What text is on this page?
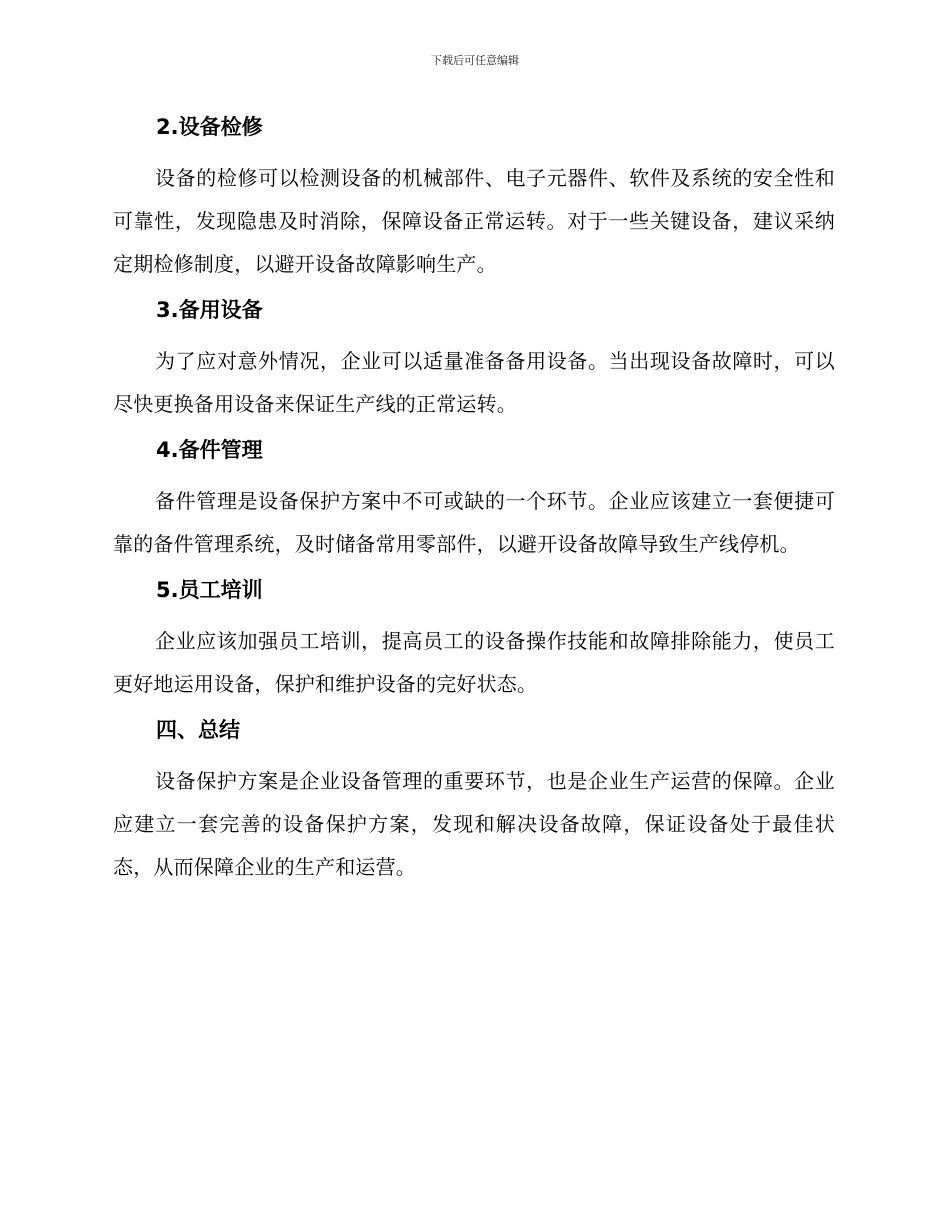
下载后可任意编辑
2.设备检修

设备的检修可以检测设备的机械部件、电子元器件、软件及系统的安全性和可靠性，发现隐患及时消除，保障设备正常运转。对于一些关键设备，建议采纳定期检修制度，以避开设备故障影响生产。

3.备用设备

为了应对意外情况，企业可以适量准备备用设备。当出现设备故障时，可以尽快更换备用设备来保证生产线的正常运转。

4.备件管理

备件管理是设备保护方案中不可或缺的一个环节。企业应该建立一套便捷可靠的备件管理系统，及时储备常用零部件，以避开设备故障导致生产线停机。

5.员工培训

企业应该加强员工培训，提高员工的设备操作技能和故障排除能力，使员工更好地运用设备，保护和维护设备的完好状态。

四、总结

设备保护方案是企业设备管理的重要环节，也是企业生产运营的保障。企业应建立一套完善的设备保护方案，发现和解决设备故障，保证设备处于最佳状态，从而保障企业的生产和运营。
